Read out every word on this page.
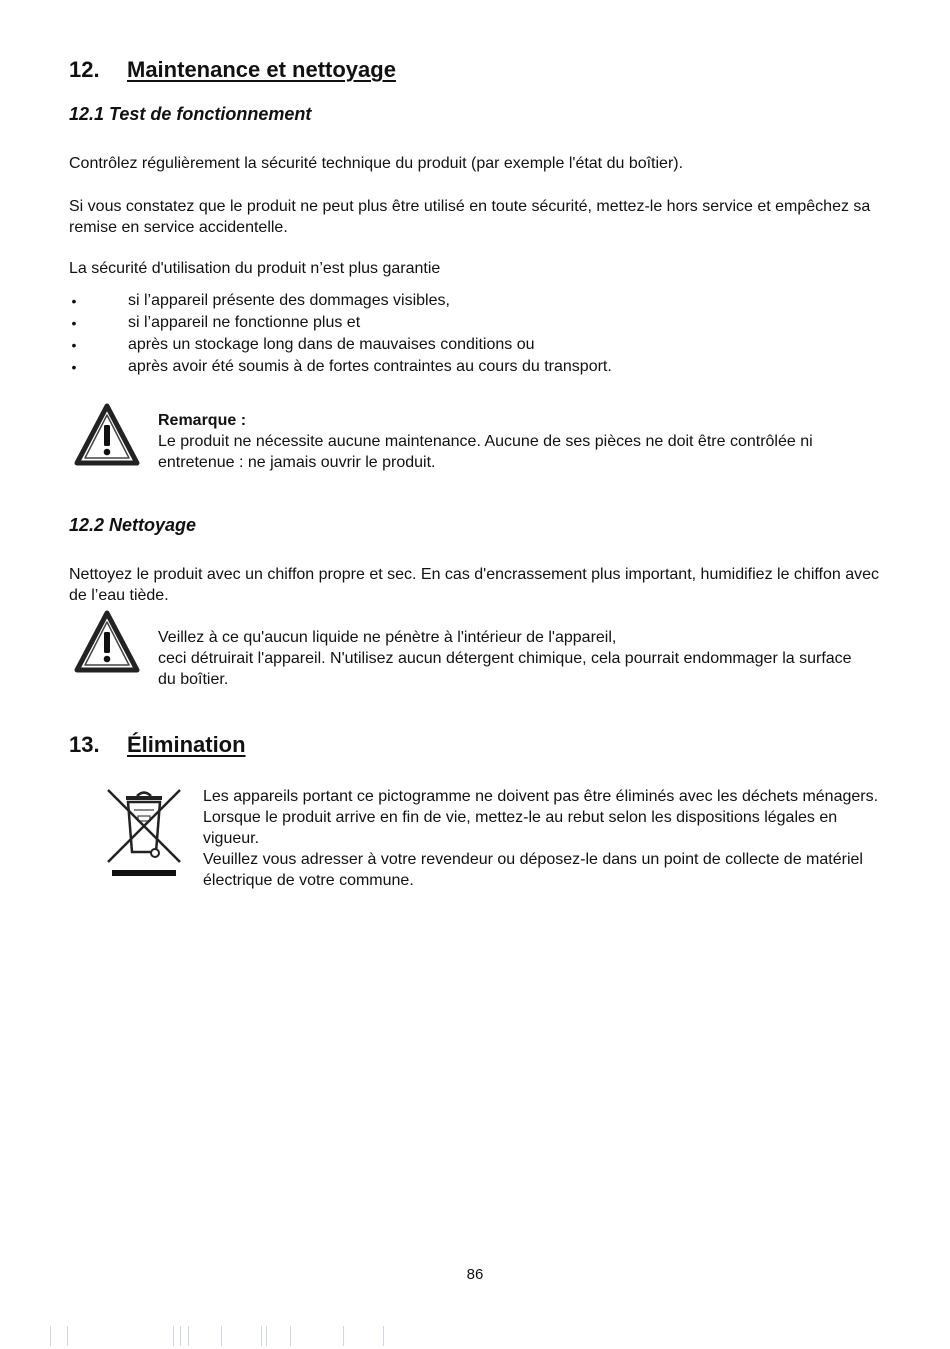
12. Maintenance et nettoyage
12.1 Test de fonctionnement
Contrôlez régulièrement la sécurité technique du produit (par exemple l'état du boîtier).
Si vous constatez que le produit ne peut plus être utilisé en toute sécurité, mettez-le hors service et empêchez sa remise en service accidentelle.
La sécurité d'utilisation du produit n’est plus garantie
•	si l’appareil présente des dommages visibles,
•	si l’appareil ne fonctionne plus et
•	après un stockage long dans de mauvaises conditions ou
•	après avoir été soumis à de fortes contraintes au cours du transport.
Remarque :
Le produit ne nécessite aucune maintenance. Aucune de ses pièces ne doit être contrôlée ni entretenue : ne jamais ouvrir le produit.
12.2 Nettoyage
Nettoyez le produit avec un chiffon propre et sec. En cas d'encrassement plus important, humidifiez le chiffon avec de l’eau tiède.
Veillez à ce qu'aucun liquide ne pénètre à l'intérieur de l'appareil,
ceci détruirait l'appareil. N'utilisez aucun détergent chimique, cela pourrait endommager la surface du boîtier.
13. Élimination
Les appareils portant ce pictogramme ne doivent pas être éliminés avec les déchets ménagers. Lorsque le produit arrive en fin de vie, mettez-le au rebut selon les dispositions légales en vigueur.
Veuillez vous adresser à votre revendeur ou déposez-le dans un point de collecte de matériel électrique de votre commune.
86
